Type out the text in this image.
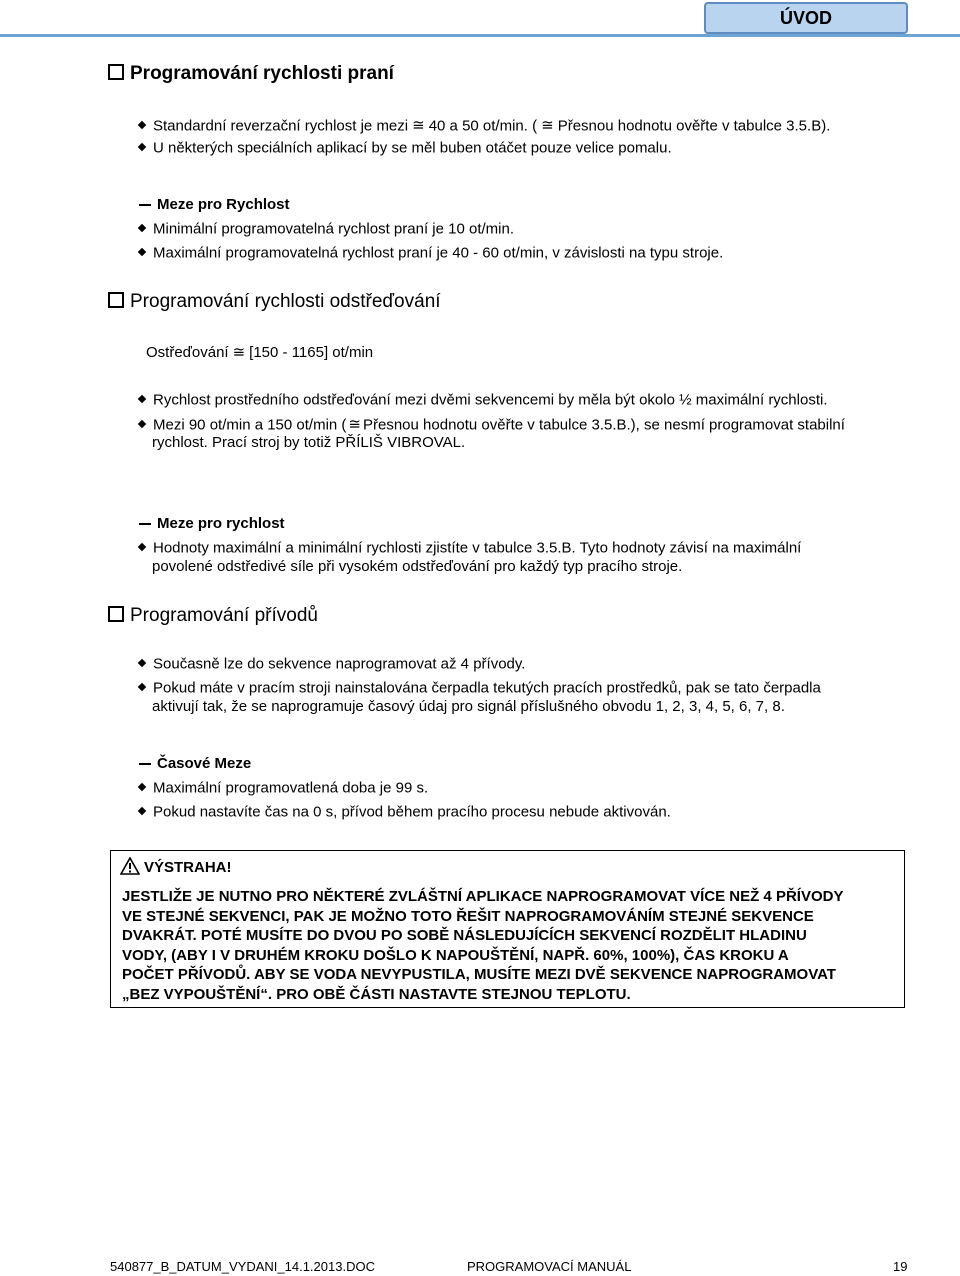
ÚVOD
Programování rychlosti praní
Standardní reverzační rychlost je mezi ≅ 40 a 50 ot/min. ( ≅ Přesnou hodnotu ověřte v tabulce 3.5.B).
U některých speciálních aplikací by se měl buben otáčet pouze velice pomalu.
Meze pro Rychlost
Minimální programovatelná rychlost praní je 10 ot/min.
Maximální programovatelná rychlost praní je 40 - 60 ot/min, v závislosti na typu stroje.
Programování rychlosti odstřeďování
Ostřeďování ≅ [150 - 1165] ot/min
Rychlost prostředního odstřeďování mezi dvěmi sekvencemi by měla být okolo ½ maximální rychlosti.
Mezi 90 ot/min a 150 ot/min ( ≅ Přesnou hodnotu ověřte v tabulce 3.5.B.), se nesmí programovat stabilní
rychlost. Prací stroj by totiž PŘÍLIŠ VIBROVAL.
Meze pro rychlost
Hodnoty maximální a minimální rychlosti zjistíte v tabulce 3.5.B. Tyto hodnoty závisí na maximální
povolené odstředivé síle při vysokém odstřeďování pro každý typ pracího stroje.
Programování přívodů
Současně lze do sekvence naprogramovat až 4 přívody.
Pokud máte v pracím stroji nainstalována čerpadla tekutých pracích prostředků, pak se tato čerpadla
aktivují tak, že se naprogramuje časový údaj pro signál příslušného obvodu 1, 2, 3, 4, 5, 6, 7, 8.
Časové Meze
Maximální programovatlená doba je 99 s.
Pokud nastavíte čas na 0 s, přívod během pracího procesu nebude aktivován.
VÝSTRAHA!
JESTLIŽE JE NUTNO PRO NĚKTERÉ ZVLÁŠTNÍ APLIKACE NAPROGRAMOVAT VÍCE NEŽ 4 PŘÍVODY
VE STEJNÉ SEKVENCI, PAK JE MOŽNO TOTO ŘEŠIT NAPROGRAMOVÁNÍM STEJNÉ SEKVENCE
DVAKRÁT. POTÉ MUSÍTE DO DVOU PO SOBĚ NÁSLEDUJÍCÍCH SEKVENCÍ ROZDĚLIT HLADINU
VODY, (ABY I V DRUHÉM KROKU DOŠLO K NAPOUŠTĚNÍ, NAPŘ. 60%, 100%), ČAS KROKU A
POČET PŘÍVODŮ. ABY SE VODA NEVYPUSTILA, MUSÍTE MEZI DVĚ SEKVENCE NAPROGRAMOVAT
„BEZ VYPOUŠTĚNÍ“. PRO OBĚ ČÁSTI NASTAVTE STEJNOU TEPLOTU.
540877_B_DATUM_VYDANI_14.1.2013.DOC	PROGRAMOVACÍ MANUÁL	19
